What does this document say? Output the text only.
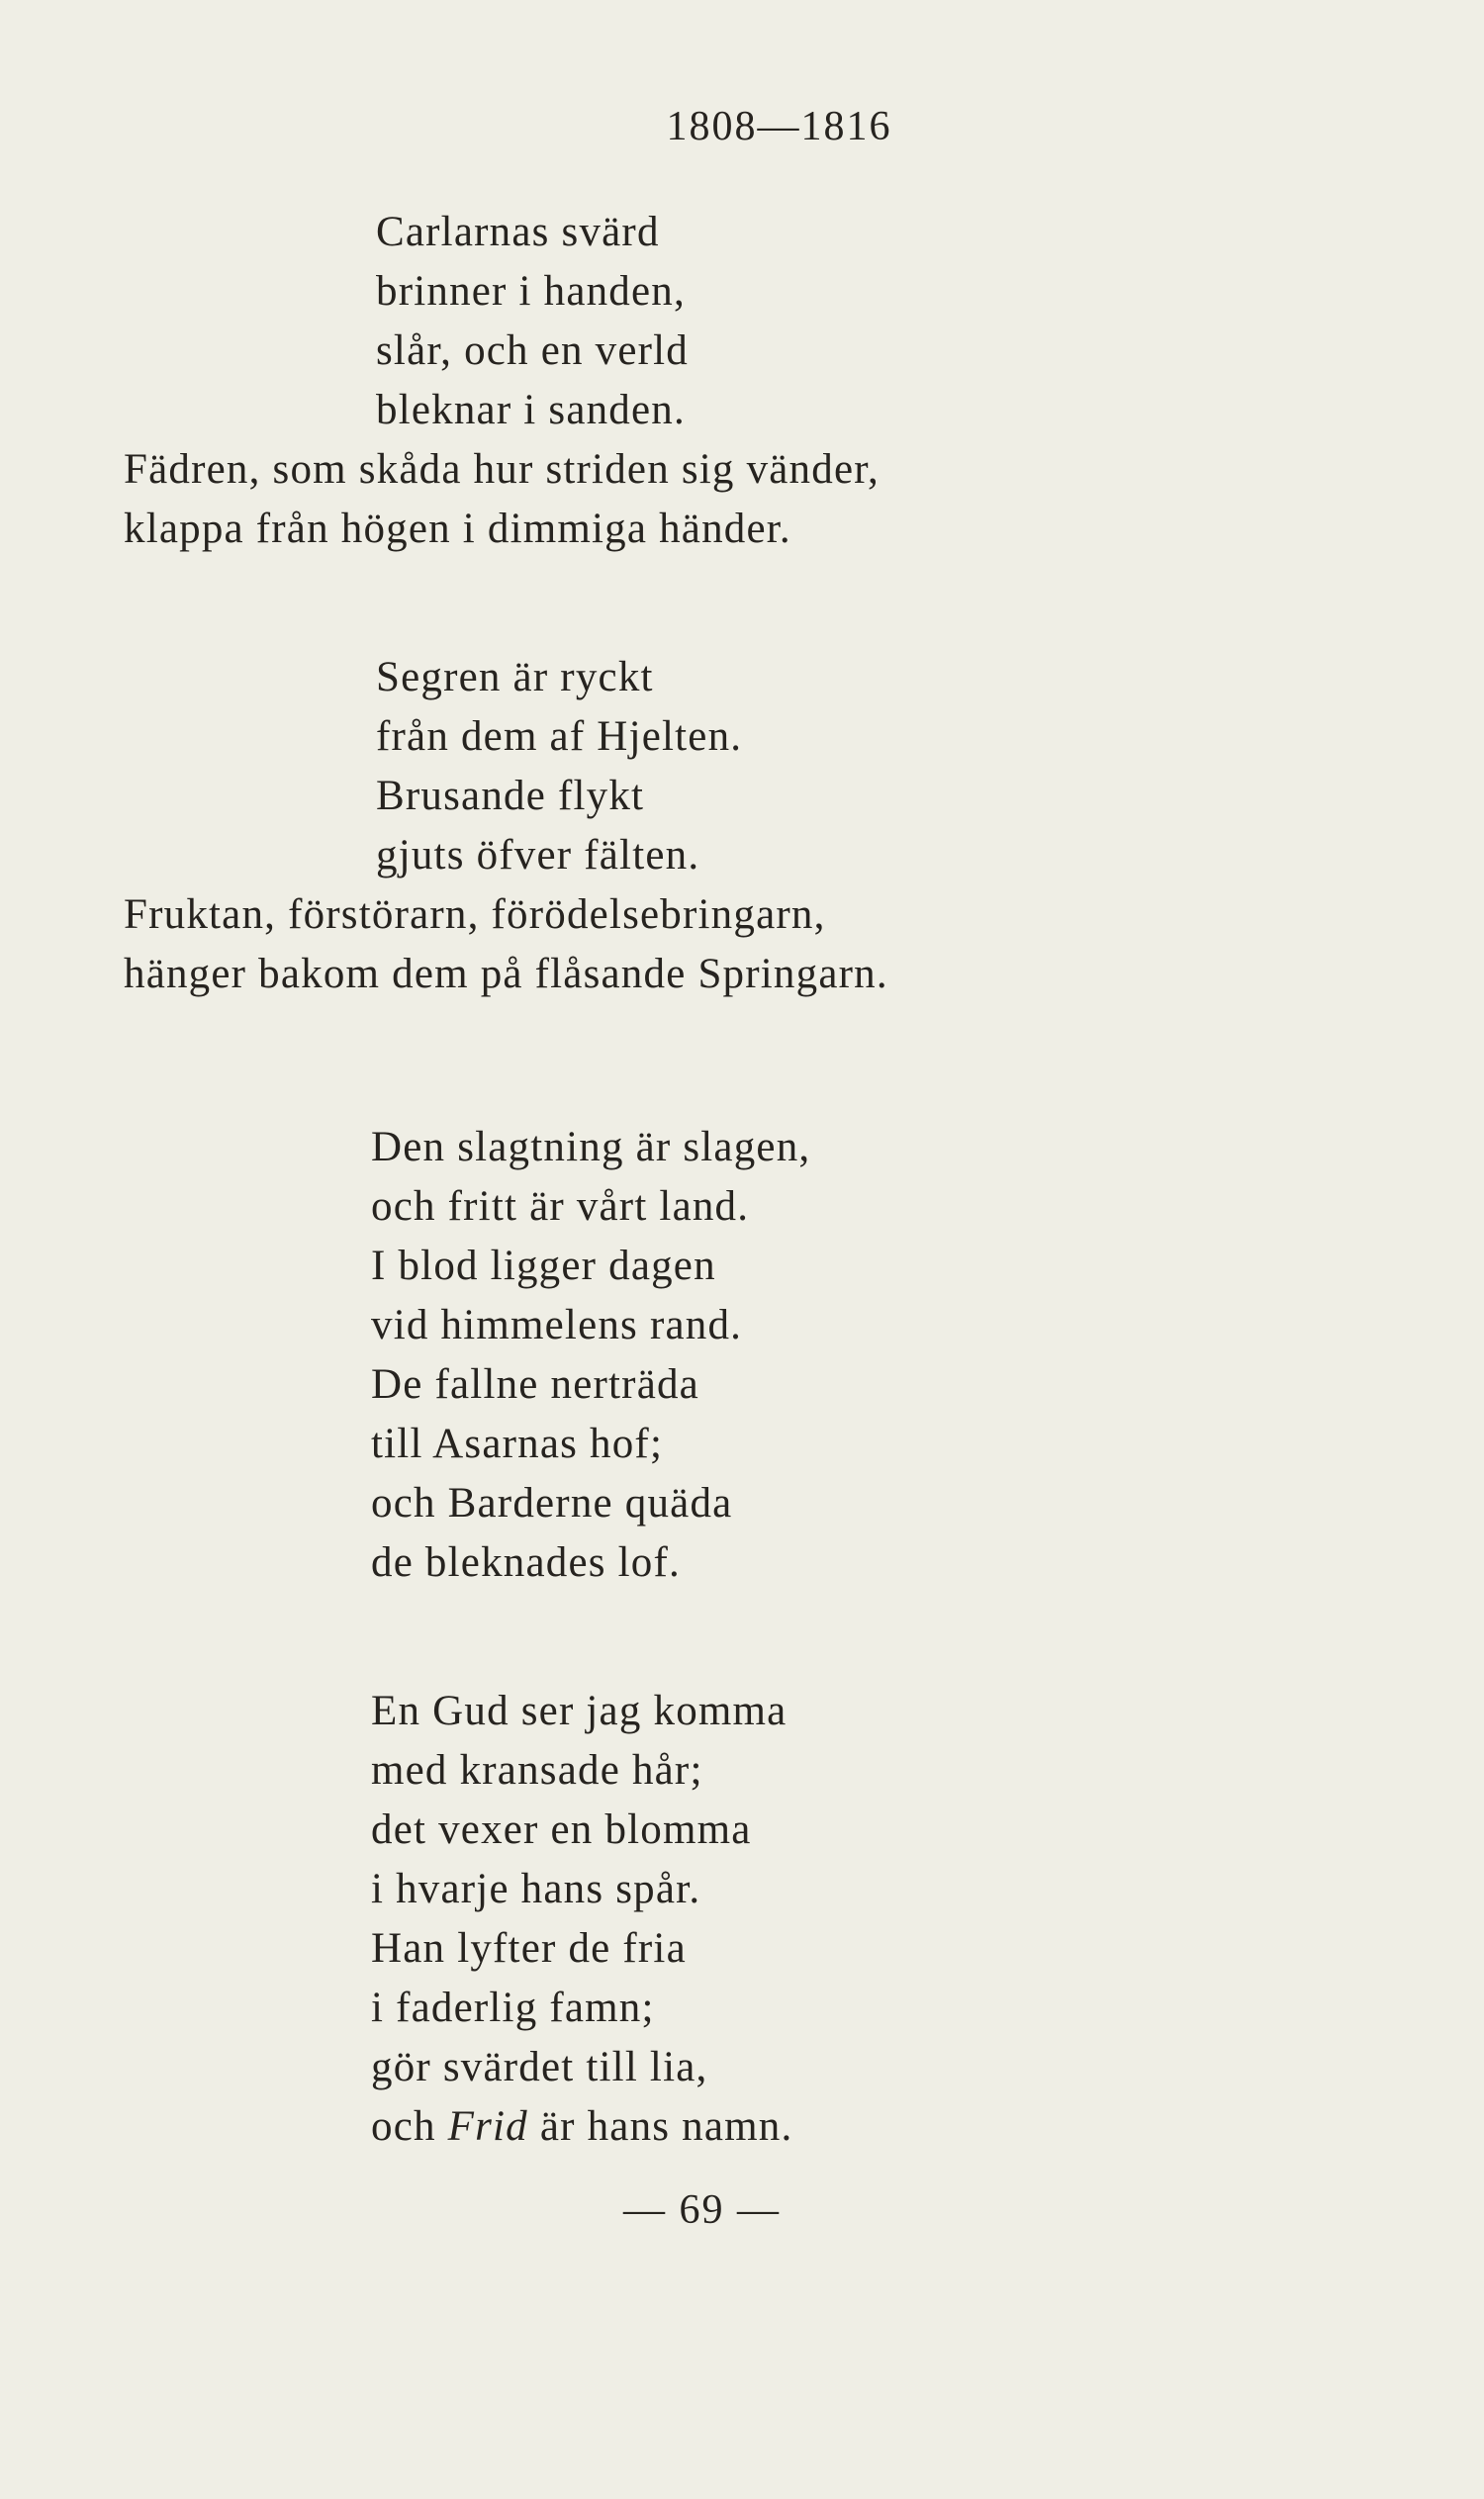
1808—1816
Carlarnas svärd
brinner i handen,
slår, och en verld
bleknar i sanden.
Fädren, som skåda hur striden sig vänder,
klappa från högen i dimmiga händer.
Segren är ryckt
från dem af Hjelten.
Brusande flykt
gjuts öfver fälten.
Fruktan, förstörarn, förödelsebringarn,
hänger bakom dem på flåsande Springarn.
Den slagtning är slagen,
och fritt är vårt land.
I blod ligger dagen
vid himmelens rand.
De fallne nerträda
till Asarnas hof;
och Barderne quäda
de bleknades lof.
En Gud ser jag komma
med kransade hår;
det vexer en blomma
i hvarje hans spår.
Han lyfter de fria
i faderlig famn;
gör svärdet till lia,
och Frid är hans namn.
— 69 —
